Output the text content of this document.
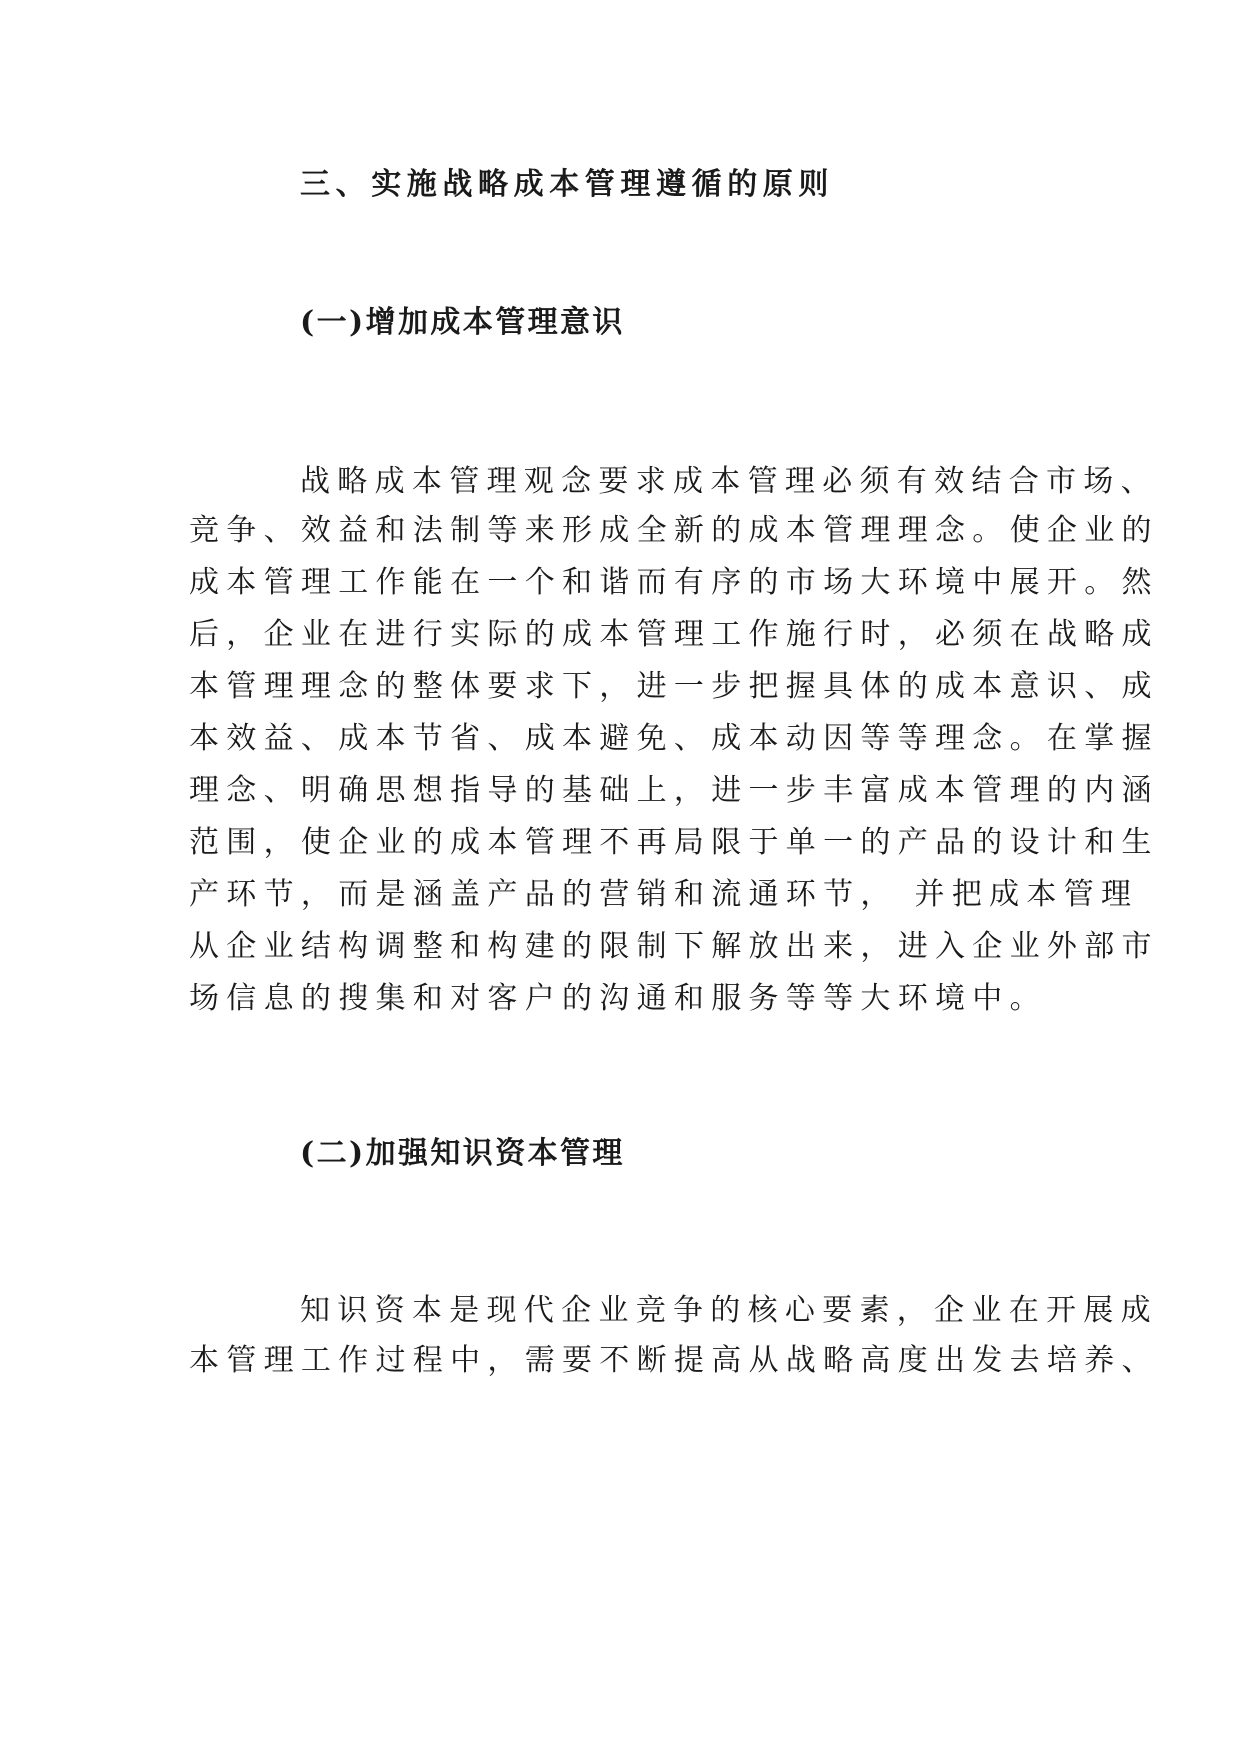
三、实施战略成本管理遵循的原则
(一)增加成本管理意识

战略成本管理观念要求成本管理必须有效结合市场、

竞争、效益和法制等来形成全新的成本管理理念。使企业的

成本管理工作能在一个和谐而有序的市场大环境中展开。然

后，企业在进行实际的成本管理工作施行时，必须在战略成

本管理理念的整体要求下，进一步把握具体的成本意识、成

本效益、成本节省、成本避免、成本动因等等理念。在掌握

理念、明确思想指导的基础上，进一步丰富成本管理的内涵

范围，使企业的成本管理不再局限于单一的产品的设计和生

产环节，而是涵盖产品的营销和流通环节， 并把成本管理

从企业结构调整和构建的限制下解放出来，进入企业外部市

场信息的搜集和对客户的沟通和服务等等大环境中。

(二)加强知识资本管理

知识资本是现代企业竞争的核心要素，企业在开展成

本管理工作过程中，需要不断提高从战略高度出发去培养、
